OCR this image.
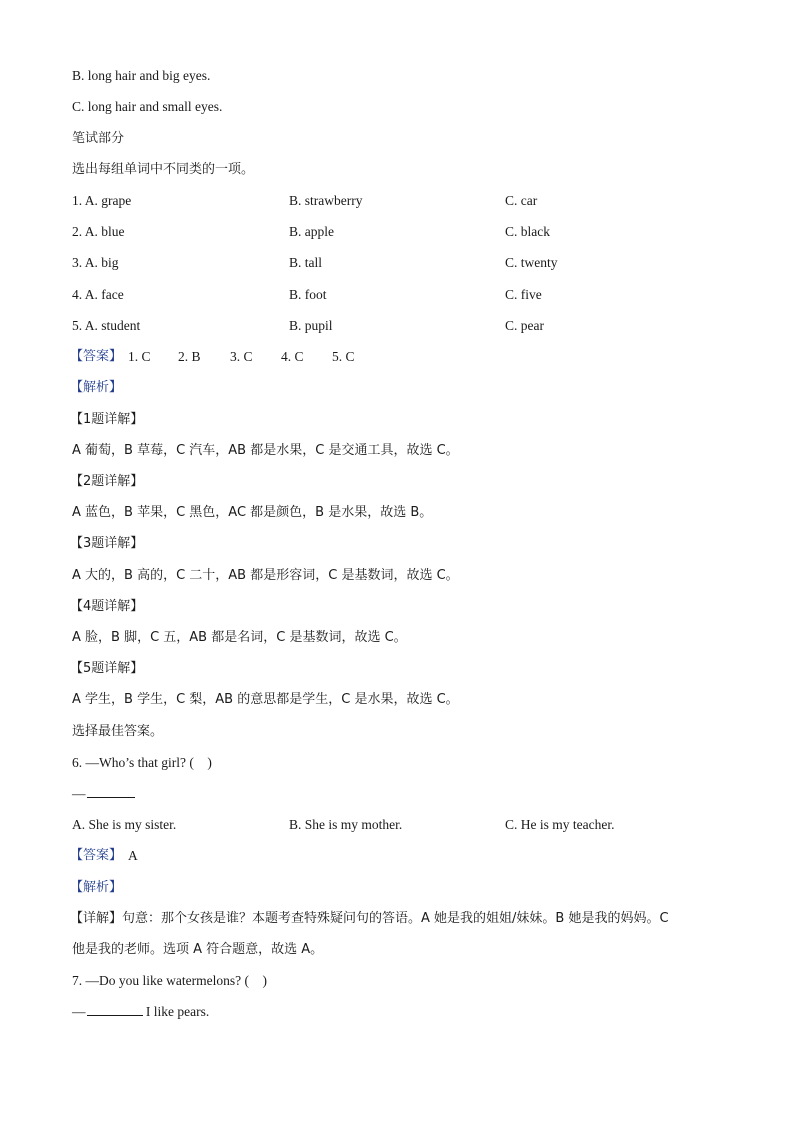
B. long hair and big eyes.
C. long hair and small eyes.
笔试部分
选出每组单词中不同类的一项。
1. A. grape	B. strawberry	C. car
2. A. blue	B. apple	C. black
3. A. big	B. tall	C. twenty
4. A. face	B. foot	C. five
5. A. student	B. pupil	C. pear
【答案】 1. C 2. B 3. C 4. C 5. C
【解析】
【1题详解】
A 葡萄，B 草莓，C 汽车，AB 都是水果，C 是交通工具，故选 C。
【2题详解】
A 蓝色，B 苹果，C 黑色，AC 都是颜色，B 是水果，故选 B。
【3题详解】
A 大的，B 高的，C 二十，AB 都是形容词，C 是基数词，故选 C。
【4题详解】
A 脸，B 脚，C 五，AB 都是名词，C 是基数词，故选 C。
【5题详解】
A 学生，B 学生，C 梨，AB 的意思都是学生，C 是水果，故选 C。
选择最佳答案。
6. —Who’s that girl? (　)
—
A. She is my sister.	B. She is my mother.	C. He is my teacher.
【答案】 A
【解析】
【详解】句意：那个女孩是谁？本题考查特殊疑问句的答语。A 她是我的姐姐/妹妹。B 她是我的妈妈。C
他是我的老师。选项 A 符合题意，故选 A。
7. —Do you like watermelons? (　)
—	I like pears.
